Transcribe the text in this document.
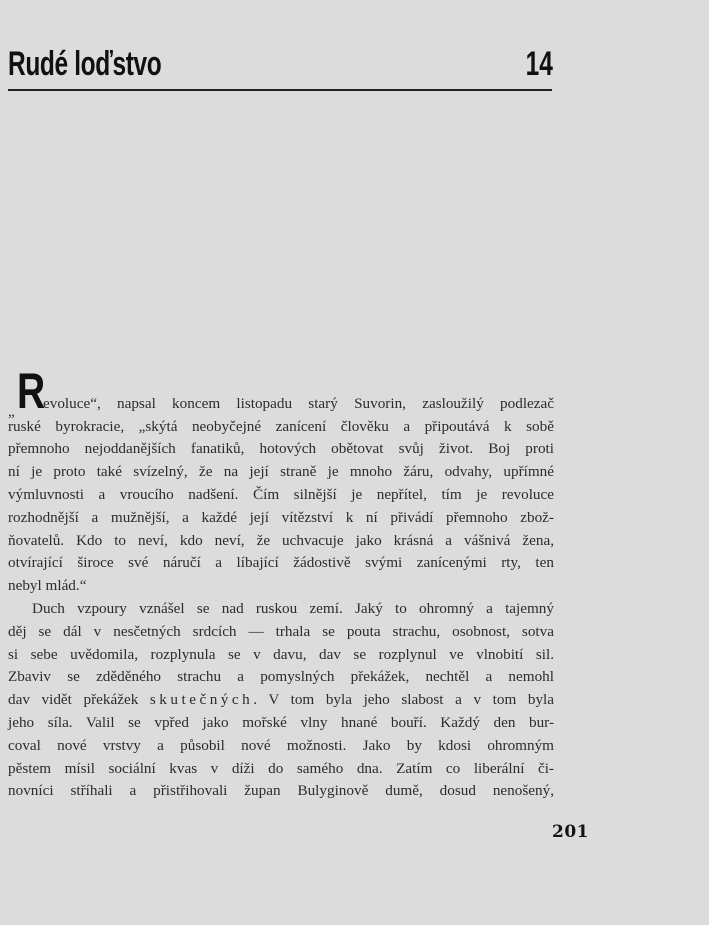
Rudé loďstvo	14
R
„	evoluce“, napsal koncem listopadu starý Suvorin, zasloužilý podlezač
ruské byrokracie, „skýtá neobyčejné zanícení člověku a připoutává k sobě
přemnoho nejoddanějších fanatiků, hotových obětovat svůj život. Boj proti
ní je proto také svízelný, že na její straně je mnoho žáru, odvahy, upřímné
výmluvnosti a vroucího nadšení. Čím silnější je nepřítel, tím je revoluce
rozhodnější a mužnější, a každé její vítězství k ní přivádí přemnoho zbož-
ňovatelů. Kdo to neví, kdo neví, že uchvacuje jako krásná a vášnivá žena,
otvírající široce své náručí a líbající žádostivě svými zanícenými rty, ten
nebyl mlád.“
Duch vzpoury vznášel se nad ruskou zemí. Jaký to ohromný a tajemný
děj se dál v nesčetných srdcích — trhala se pouta strachu, osobnost, sotva
si sebe uvědomila, rozplynula se v davu, dav se rozplynul ve vlnobití sil.
Zbaviv se zděděného strachu a pomyslných překážek, nechtěl a nemohl
dav vidět překážek skutečných. V tom byla jeho slabost a v tom byla
jeho síla. Valil se vpřed jako mořské vlny hnané bouří. Každý den bur-
coval nové vrstvy a působil nové možnosti. Jako by kdosi ohromným
pěstem mísil sociální kvas v díži do samého dna. Zatím co liberální či-
novníci stříhali a přistřihovali župan Bulyginově dumě, dosud nenošený,
201
